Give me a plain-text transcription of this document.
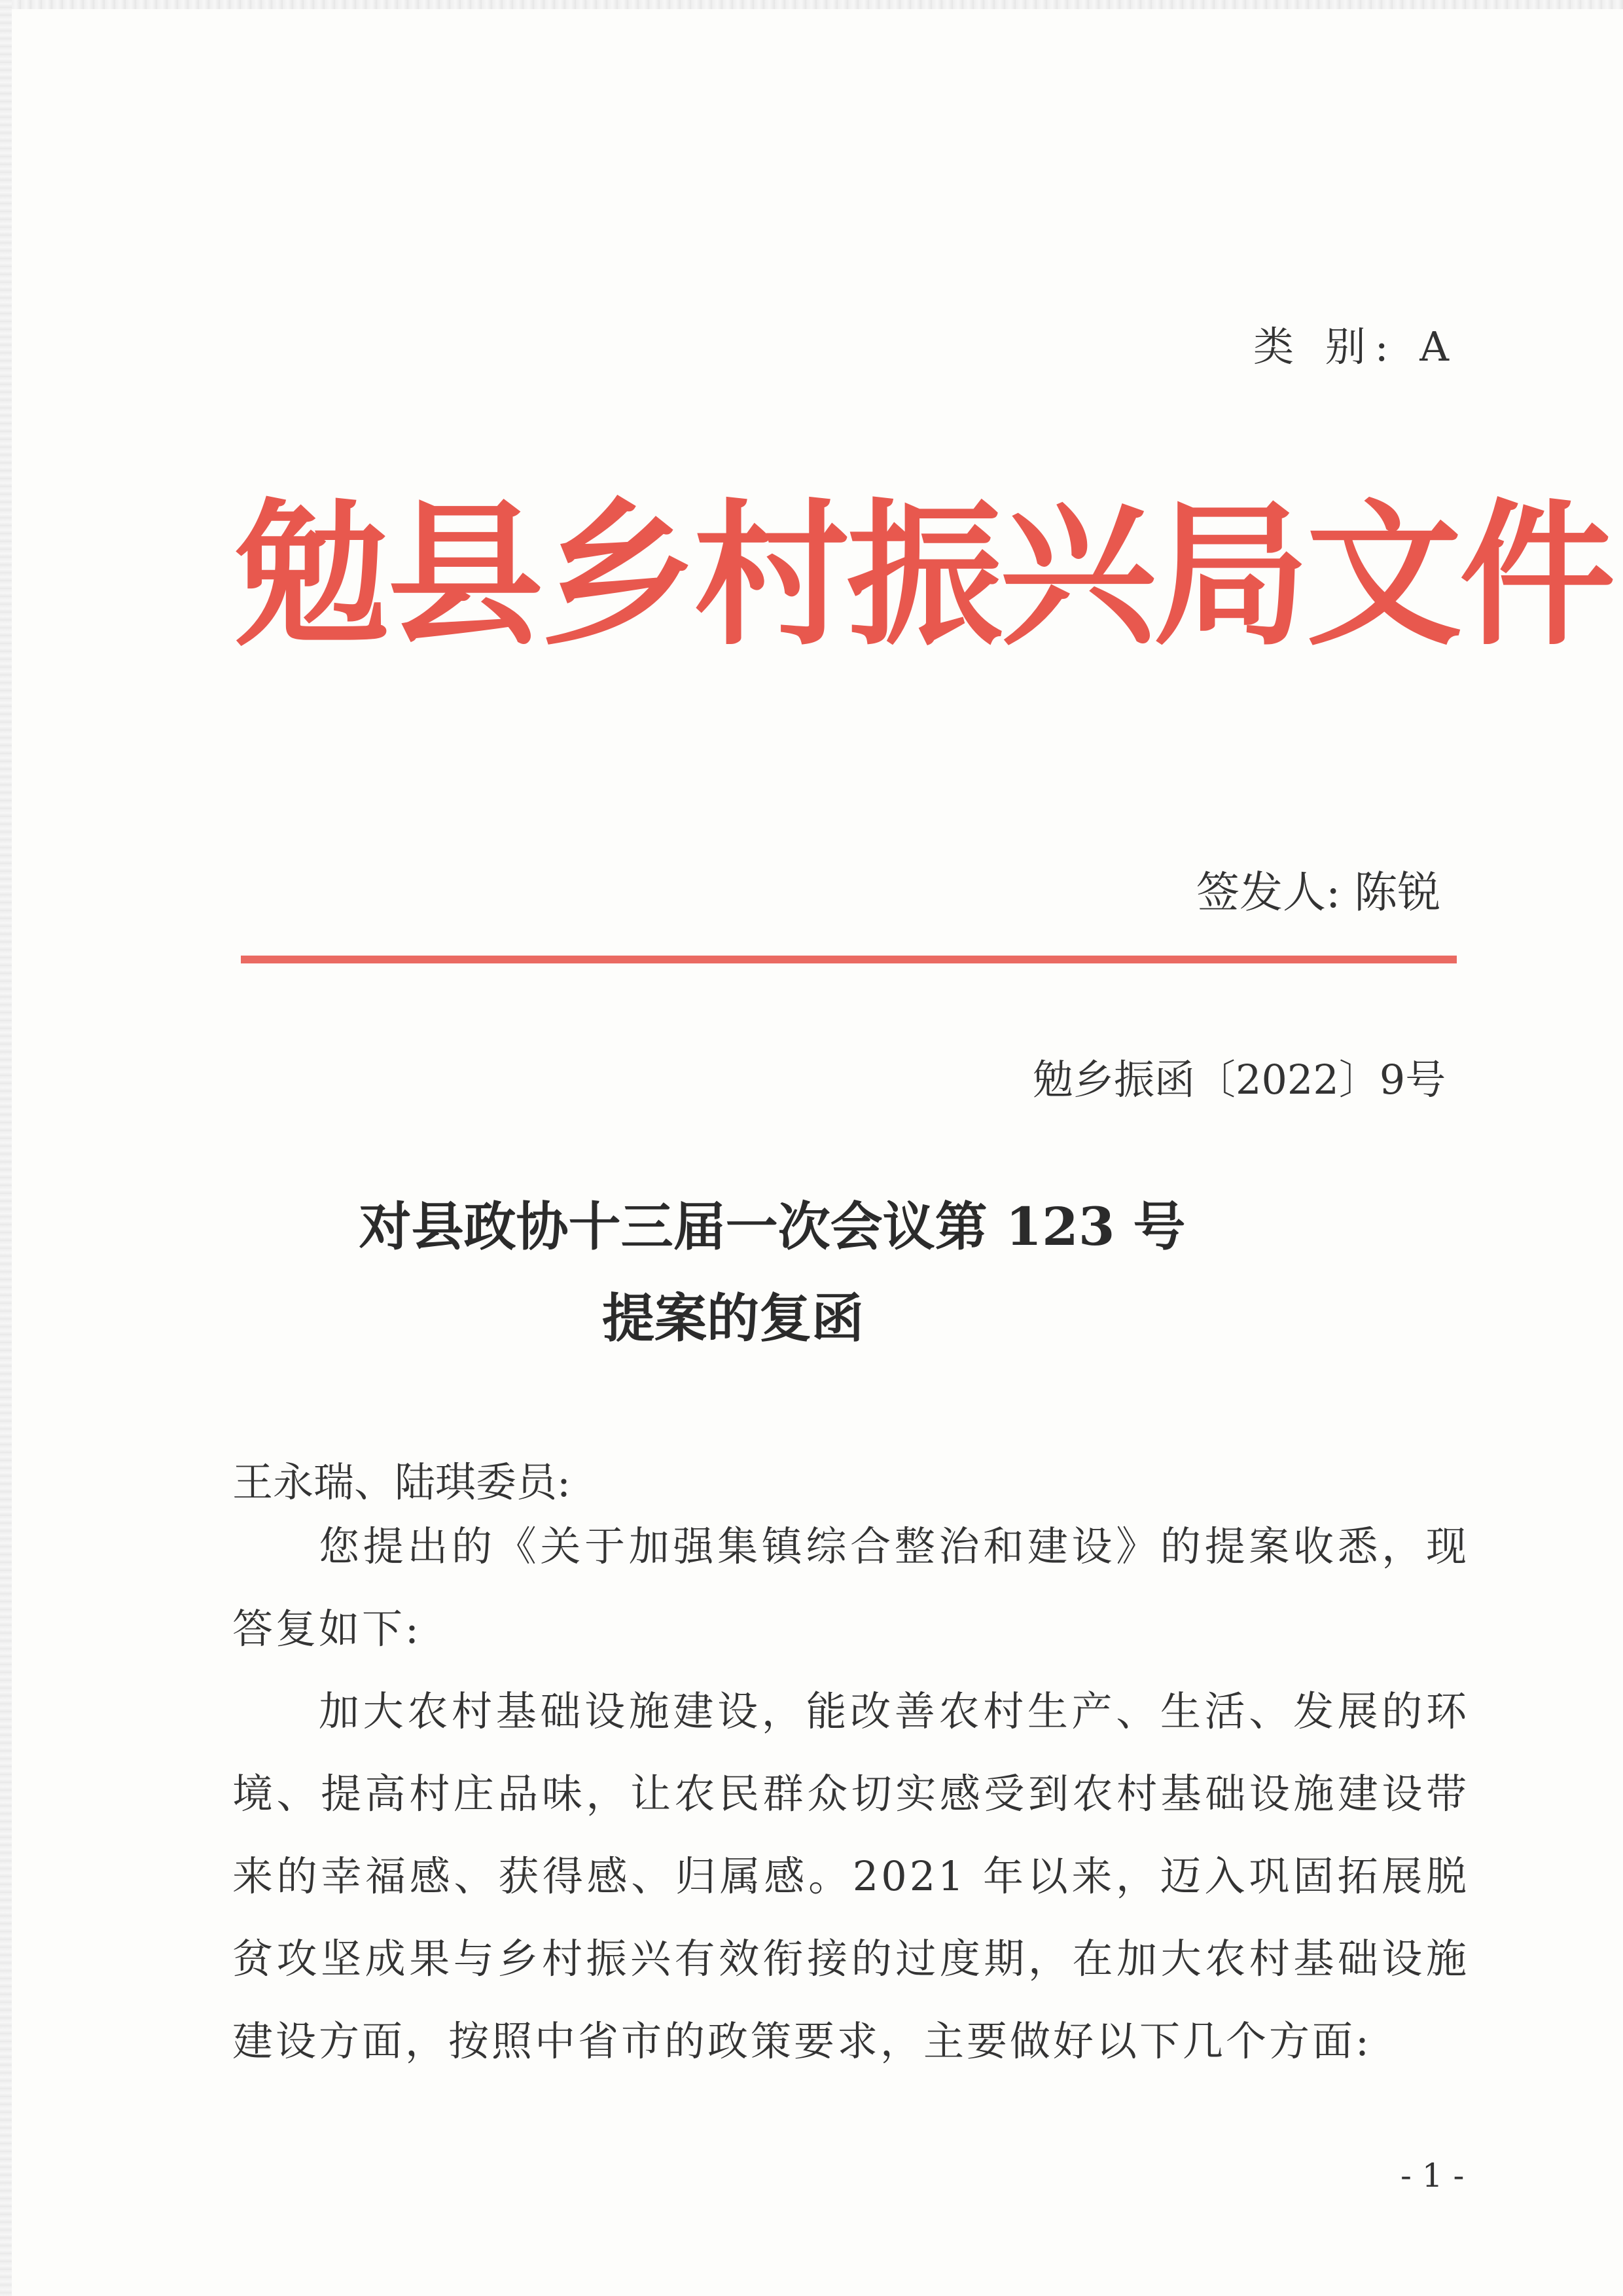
类 别: A
勉县乡村振兴局文件
签发人: 陈锐
勉乡振函〔2022〕9号
对县政协十三届一次会议第 123 号
提案的复函
王永瑞、陆琪委员:

您提出的《关于加强集镇综合整治和建设》的提案收悉，现答复如下:

加大农村基础设施建设，能改善农村生产、生活、发展的环境、提高村庄品味，让农民群众切实感受到农村基础设施建设带来的幸福感、获得感、归属感。2021 年以来，迈入巩固拓展脱贫攻坚成果与乡村振兴有效衔接的过度期，在加大农村基础设施建设方面，按照中省市的政策要求，主要做好以下几个方面:

- 1 -
